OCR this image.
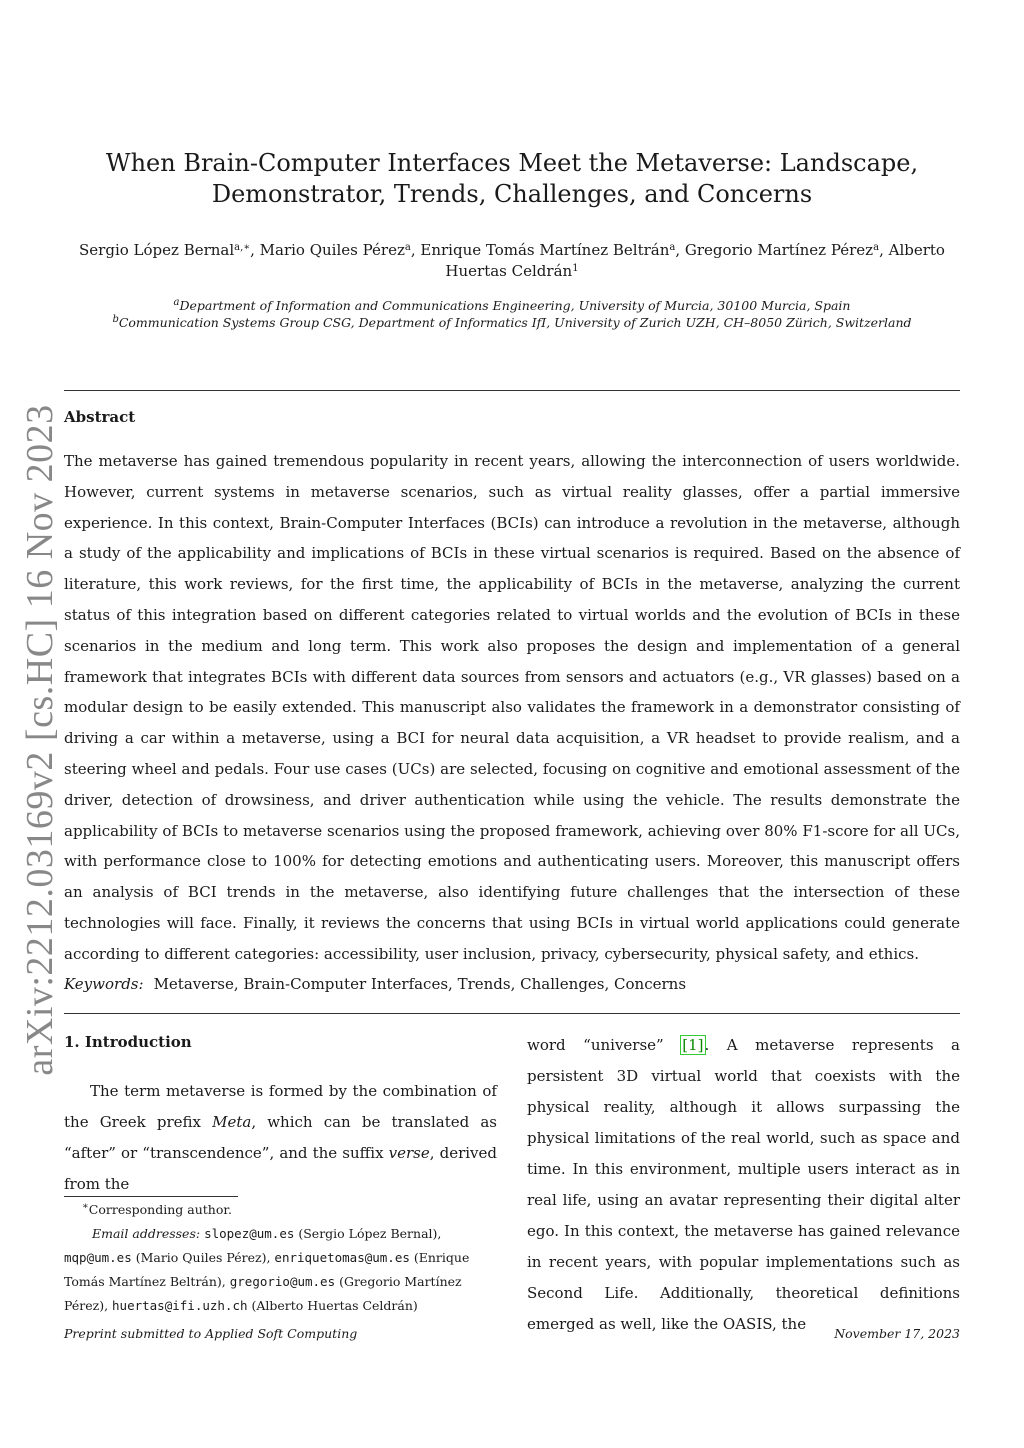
arXiv:2212.03169v2 [cs.HC] 16 Nov 2023
When Brain-Computer Interfaces Meet the Metaverse: Landscape, Demonstrator, Trends, Challenges, and Concerns
Sergio López Bernal$^{a,∗}$, Mario Quiles Pérez$^a$, Enrique Tomás Martínez Beltrán$^a$, Gregorio Martínez Pérez$^a$, Alberto Huertas Celdrán$^1$
$^a$Department of Information and Communications Engineering, University of Murcia, 30100 Murcia, Spain
$^b$Communication Systems Group CSG, Department of Informatics IfI, University of Zurich UZH, CH–8050 Zürich, Switzerland
Abstract
The metaverse has gained tremendous popularity in recent years, allowing the interconnection of users worldwide. However, current systems in metaverse scenarios, such as virtual reality glasses, offer a partial immersive experience. In this context, Brain-Computer Interfaces (BCIs) can introduce a revolution in the metaverse, although a study of the applicability and implications of BCIs in these virtual scenarios is required. Based on the absence of literature, this work reviews, for the first time, the applicability of BCIs in the metaverse, analyzing the current status of this integration based on different categories related to virtual worlds and the evolution of BCIs in these scenarios in the medium and long term. This work also proposes the design and implementation of a general framework that integrates BCIs with different data sources from sensors and actuators (e.g., VR glasses) based on a modular design to be easily extended. This manuscript also validates the framework in a demonstrator consisting of driving a car within a metaverse, using a BCI for neural data acquisition, a VR headset to provide realism, and a steering wheel and pedals. Four use cases (UCs) are selected, focusing on cognitive and emotional assessment of the driver, detection of drowsiness, and driver authentication while using the vehicle. The results demonstrate the applicability of BCIs to metaverse scenarios using the proposed framework, achieving over 80% F1-score for all UCs, with performance close to 100% for detecting emotions and authenticating users. Moreover, this manuscript offers an analysis of BCI trends in the metaverse, also identifying future challenges that the intersection of these technologies will face. Finally, it reviews the concerns that using BCIs in virtual world applications could generate according to different categories: accessibility, user inclusion, privacy, cybersecurity, physical safety, and ethics.
Keywords: Metaverse, Brain-Computer Interfaces, Trends, Challenges, Concerns
1. Introduction
The term metaverse is formed by the combination of the Greek prefix Meta, which can be translated as “after” or “transcendence”, and the suffix verse, derived from the
∗Corresponding author.
Email addresses: slopez@um.es (Sergio López Bernal),
mqp@um.es (Mario Quiles Pérez), enriquetomas@um.es (Enrique Tomás Martínez Beltrán), gregorio@um.es (Gregorio Martínez Pérez), huertas@ifi.uzh.ch (Alberto Huertas Celdrán)
word “universe” [1]. A metaverse represents a persistent 3D virtual world that coexists with the physical reality, although it allows surpassing the physical limitations of the real world, such as space and time. In this environment, multiple users interact as in real life, using an avatar representing their digital alter ego. In this context, the metaverse has gained relevance in recent years, with popular implementations such as Second Life. Additionally, theoretical definitions emerged as well, like the OASIS, the
Preprint submitted to Applied Soft Computing	November 17, 2023
